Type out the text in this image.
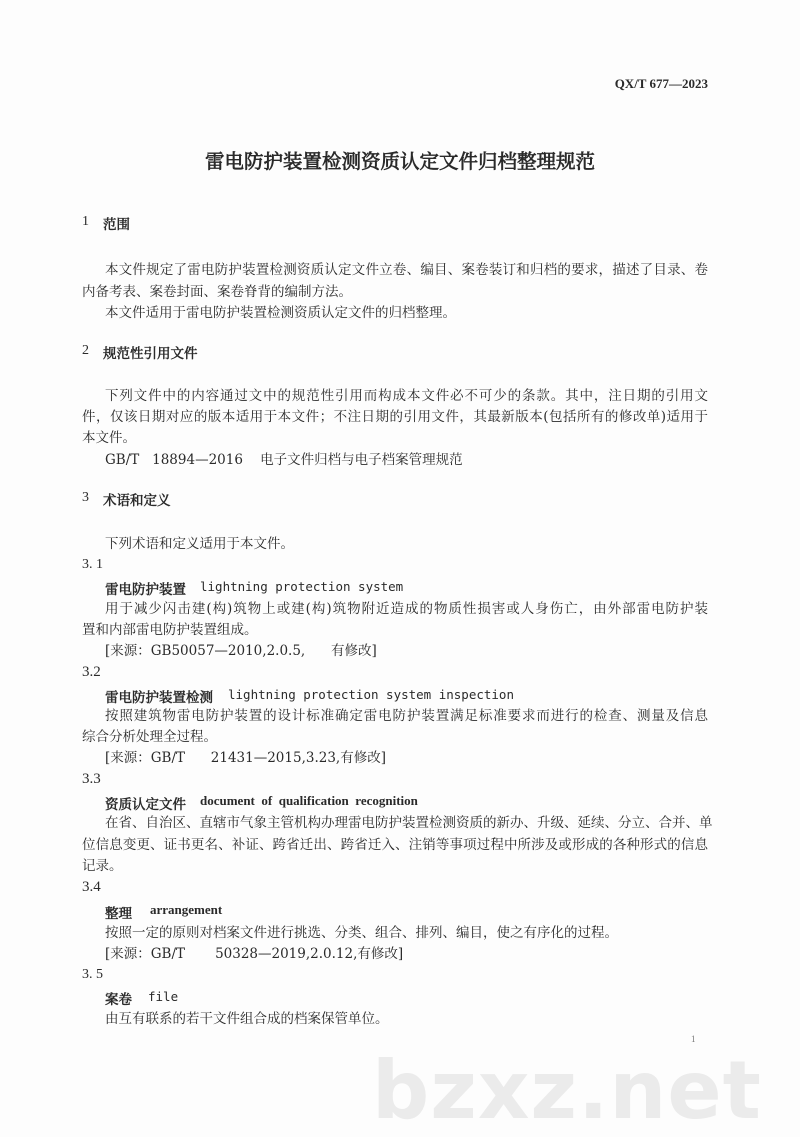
QX/T 677—2023
雷电防护装置检测资质认定文件归档整理规范
1 范围
本文件规定了雷电防护装置检测资质认定文件立卷、编目、案卷装订和归档的要求，描述了目录、卷
内备考表、案卷封面、案卷脊背的编制方法。
本文件适用于雷电防护装置检测资质认定文件的归档整理。
2 规范性引用文件
下列文件中的内容通过文中的规范性引用而构成本文件必不可少的条款。其中，注日期的引用文
件，仅该日期对应的版本适用于本文件；不注日期的引用文件，其最新版本(包括所有的修改单)适用于
本文件。
GB/T   18894—2016    电子文件归档与电子档案管理规范
3 术语和定义
下列术语和定义适用于本文件。
3. 1
雷电防护装置 lightning protection system
用于减少闪击建(构)筑物上或建(构)筑物附近造成的物质性损害或人身伤亡，由外部雷电防护装
置和内部雷电防护装置组成。
[来源：GB50057—2010,2.0.5,      有修改]
3.2
雷电防护装置检测 lightning protection system inspection
按照建筑物雷电防护装置的设计标准确定雷电防护装置满足标准要求而进行的检查、测量及信息
综合分析处理全过程。
[来源：GB/T      21431—2015,3.23,有修改]
3.3
资质认定文件 document  of  qualification  recognition
在省、自治区、直辖市气象主管机构办理雷电防护装置检测资质的新办、升级、延续、分立、合并、单
位信息变更、证书更名、补证、跨省迁出、跨省迁入、注销等事项过程中所涉及或形成的各种形式的信息
记录。
3.4
整理 arrangement
按照一定的原则对档案文件进行挑选、分类、组合、排列、编目，使之有序化的过程。
[来源：GB/T       50328—2019,2.0.12,有修改]
3. 5
案卷 file
由互有联系的若干文件组合成的档案保管单位。
1
bzxz.net
